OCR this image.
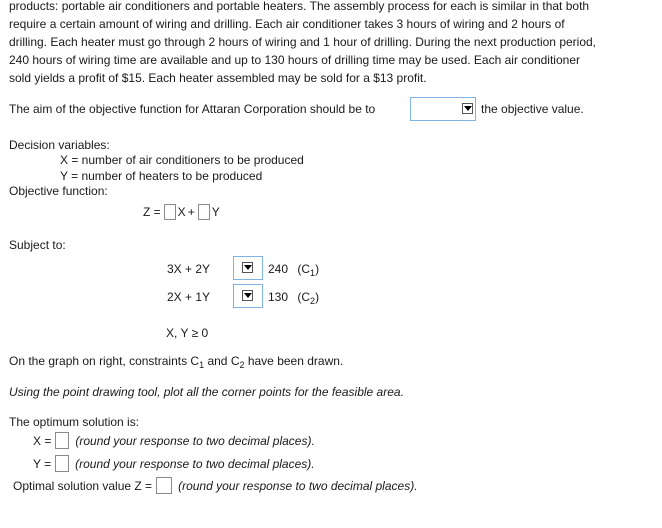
products: portable air conditioners and portable heaters. The assembly process for each is similar in that both
require a certain amount of wiring and drilling. Each air conditioner takes 3 hours of wiring and 2 hours of
drilling. Each heater must go through 2 hours of wiring and 1 hour of drilling. During the next production period,
240 hours of wiring time are available and up to 130 hours of drilling time may be used. Each air conditioner
sold yields a profit of $15. Each heater assembled may be sold for a $13 profit.
The aim of the objective function for Attaran Corporation should be to	the objective value.
Decision variables:
X = number of air conditioners to be produced
Y = number of heaters to be produced
Objective function:
Z = X + Y
Subject to:
3X + 2Y	240 $(C_1)$
2X + 1Y	130 $(C_2)$
X, Y ≥ 0
On the graph on right, constraints $C_1$ and $C_2$ have been drawn.
Using the point drawing tool, plot all the corner points for the feasible area.
The optimum solution is:
X = (round your response to two decimal places).
Y = (round your response to two decimal places).
Optimal solution value Z = (round your response to two decimal places).
